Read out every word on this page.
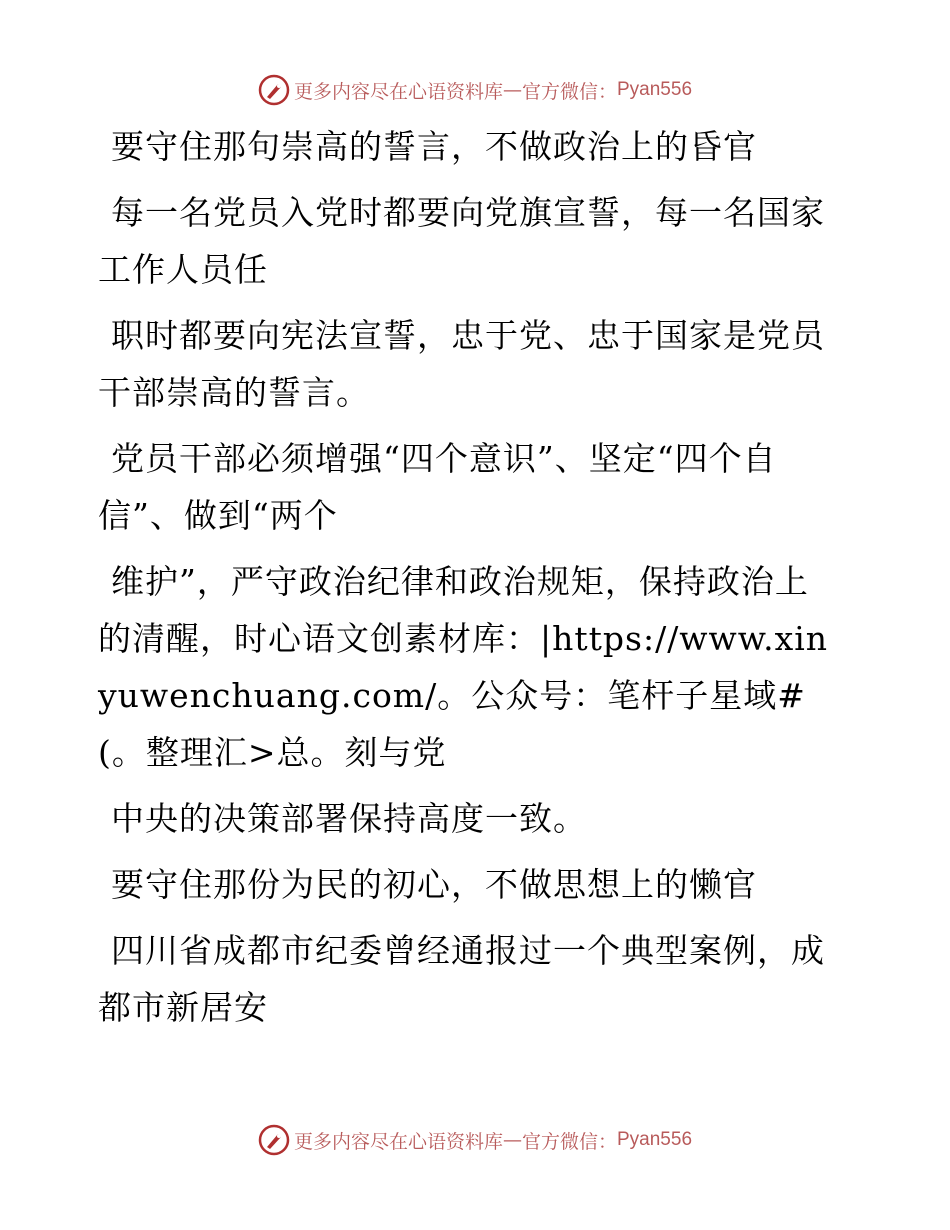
更多内容尽在心语资料库 — 官方微信： Pyan556

要守住那句崇高的誓言，不做政治上的昏官

每一名党员入党时都要向党旗宣誓，每一名国家工作人员任

职时都要向宪法宣誓，忠于党、忠于国家是党员干部崇高的誓言。

党员干部必须增强“四个意识”、坚定“四个自信”、做到“两个

维护”，严守政治纪律和政治规矩，保持政治上的清醒，时心语文创素材库：|https://www.xinyuwenchuang.com/。公众号：笔杆子星域#(。整理汇>总。刻与党

中央的决策部署保持高度一致。

要守住那份为民的初心，不做思想上的懒官

四川省成都市纪委曾经通报过一个典型案例，成都市新居安

更多内容尽在心语资料库 — 官方微信： Pyan556
